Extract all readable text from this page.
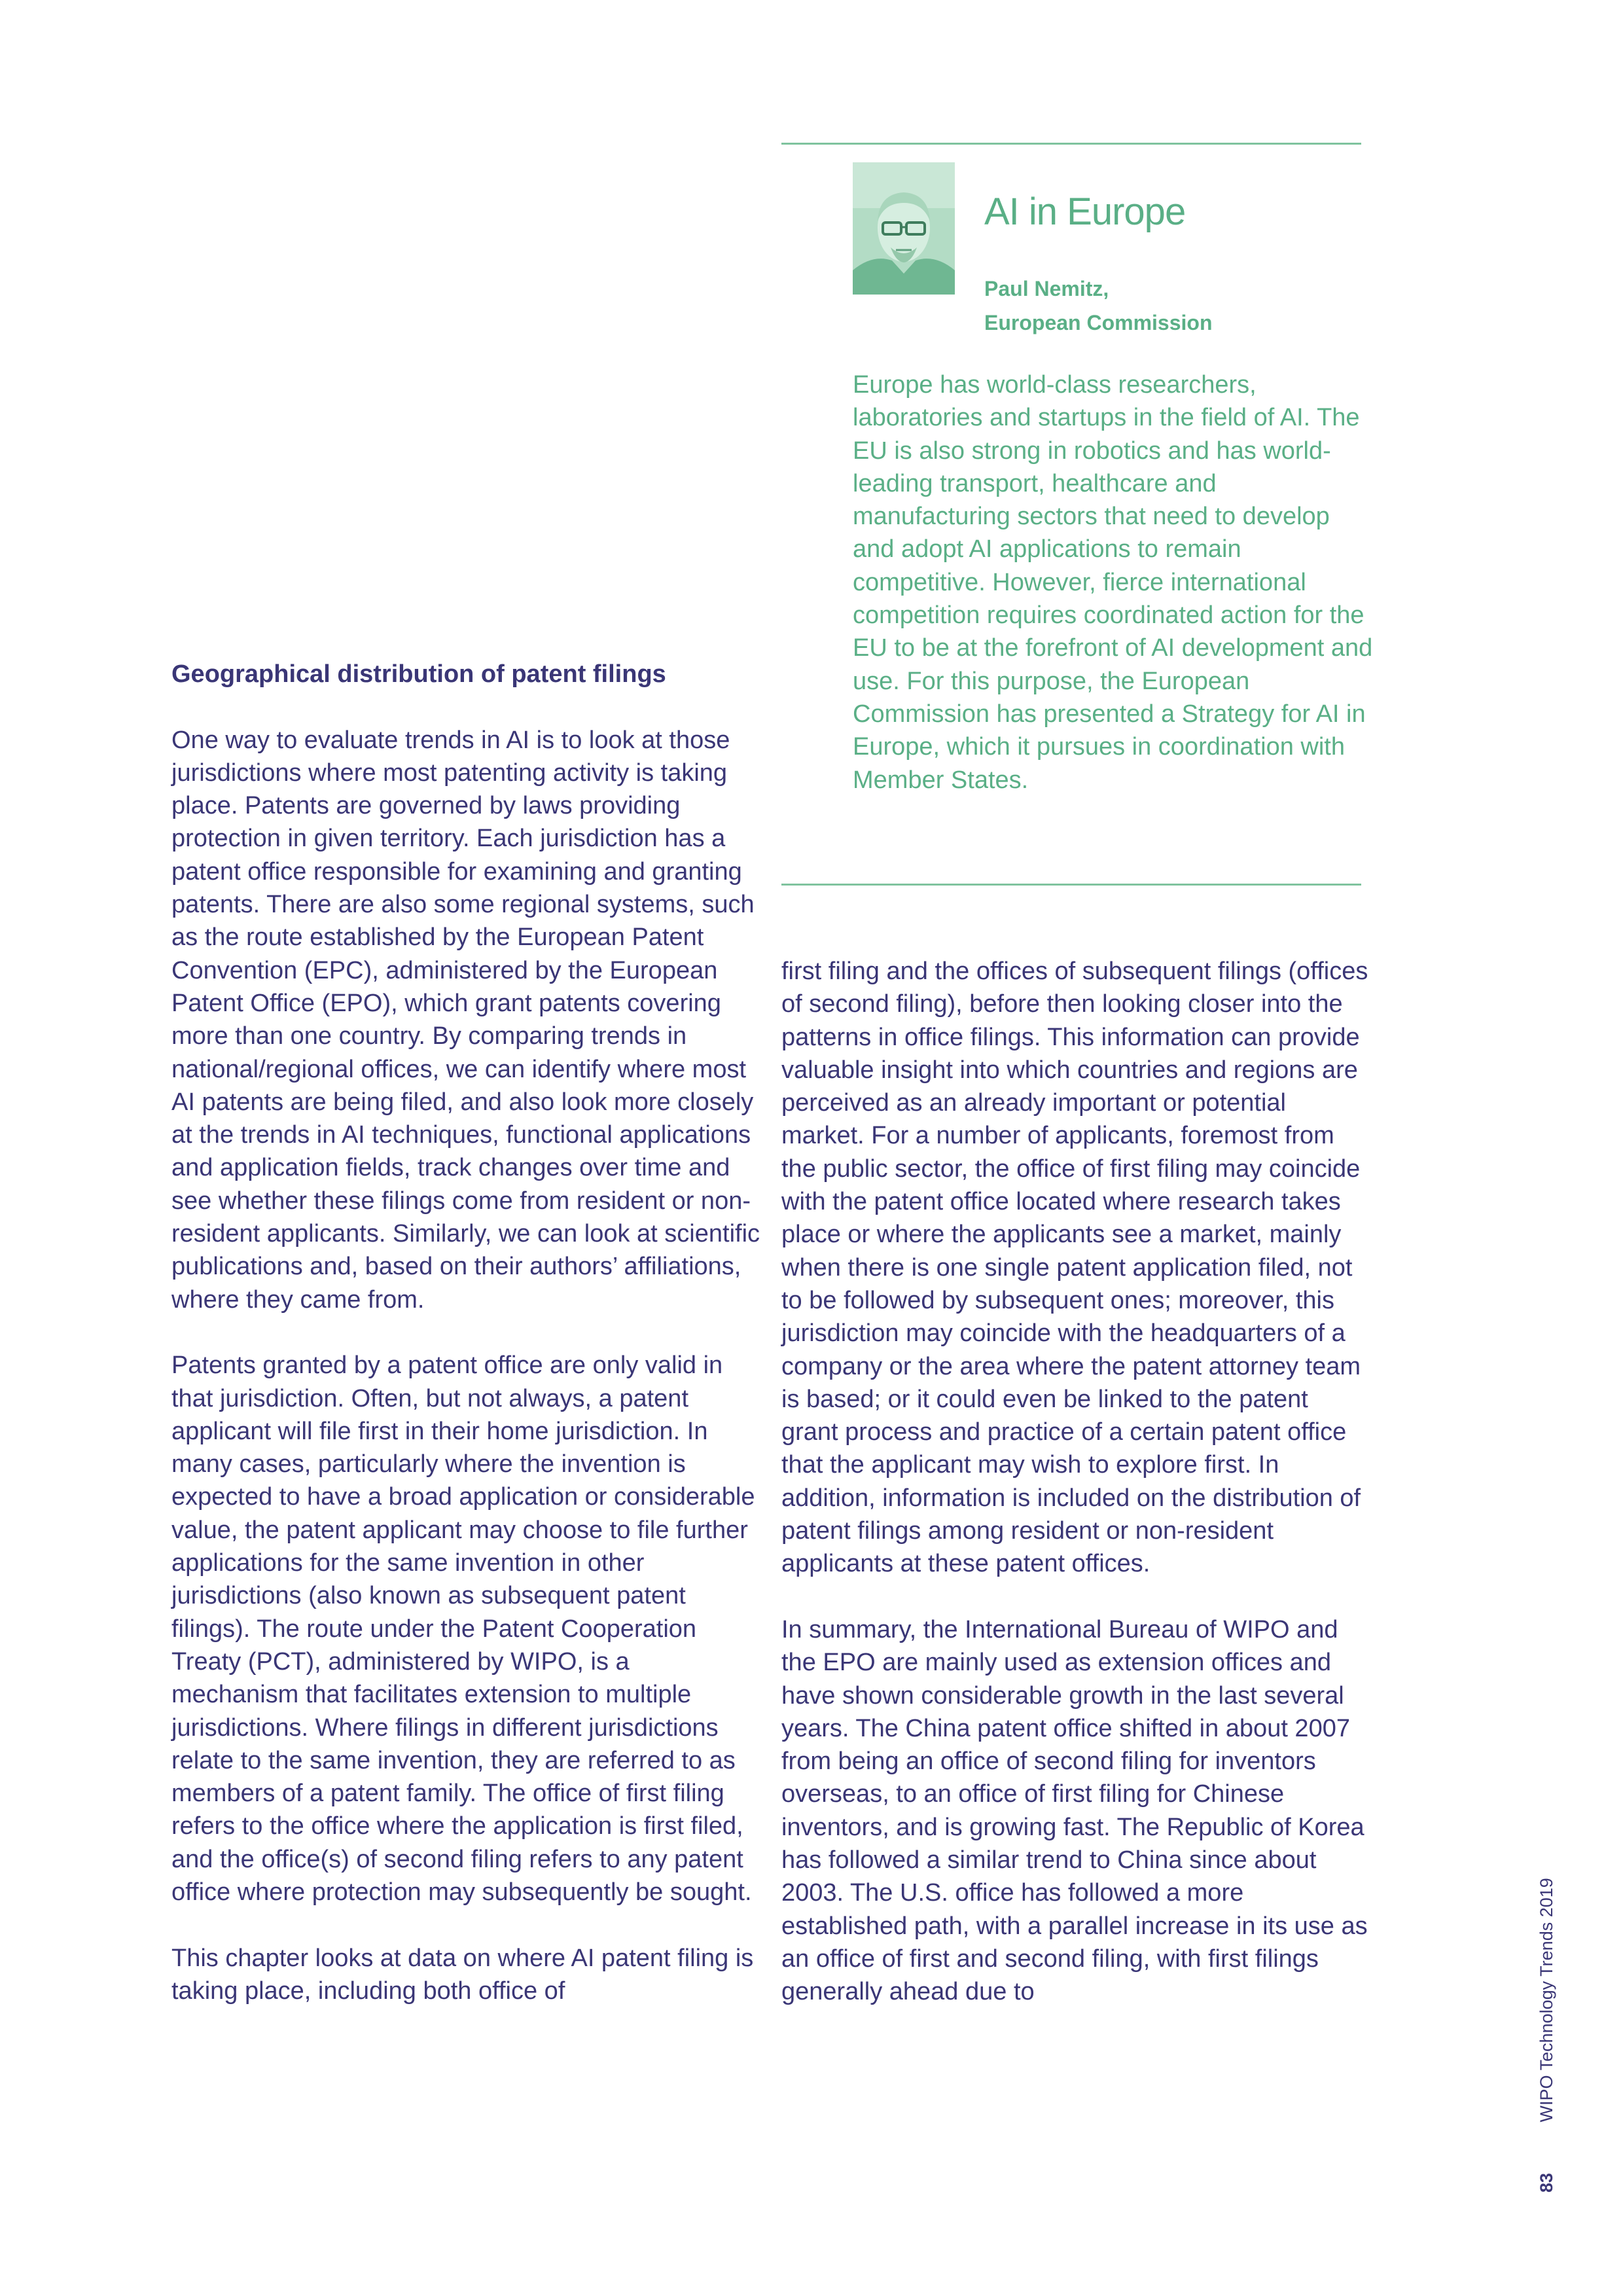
AI in Europe
Paul Nemitz,
European Commission

Europe has world-class researchers, laboratories and startups in the field of AI. The EU is also strong in robotics and has world-leading transport, healthcare and manufacturing sectors that need to develop and adopt AI applications to remain competitive. However, fierce international competition requires coordinated action for the EU to be at the forefront of AI development and use. For this purpose, the European Commission has presented a Strategy for AI in Europe, which it pursues in coordination with Member States.

Geographical distribution of patent filings

One way to evaluate trends in AI is to look at those jurisdictions where most patenting activity is taking place. Patents are governed by laws providing protection in given territory. Each jurisdiction has a patent office responsible for examining and granting patents. There are also some regional systems, such as the route established by the European Patent Convention (EPC), administered by the European Patent Office (EPO), which grant patents covering more than one country. By comparing trends in national/regional offices, we can identify where most AI patents are being filed, and also look more closely at the trends in AI techniques, functional applications and application fields, track changes over time and see whether these filings come from resident or non-resident applicants. Similarly, we can look at scientific publications and, based on their authors’ affiliations, where they came from.

Patents granted by a patent office are only valid in that jurisdiction. Often, but not always, a patent applicant will file first in their home jurisdiction. In many cases, particularly where the invention is expected to have a broad application or considerable value, the patent applicant may choose to file further applications for the same invention in other jurisdictions (also known as subsequent patent filings). The route under the Patent Cooperation Treaty (PCT), administered by WIPO, is a mechanism that facilitates extension to multiple jurisdictions. Where filings in different jurisdictions relate to the same invention, they are referred to as members of a patent family. The office of first filing refers to the office where the application is first filed, and the office(s) of second filing refers to any patent office where protection may subsequently be sought.

This chapter looks at data on where AI patent filing is taking place, including both office of

first filing and the offices of subsequent filings (offices of second filing), before then looking closer into the patterns in office filings. This information can provide valuable insight into which countries and regions are perceived as an already important or potential market. For a number of applicants, foremost from the public sector, the office of first filing may coincide with the patent office located where research takes place or where the applicants see a market, mainly when there is one single patent application filed, not to be followed by subsequent ones; moreover, this jurisdiction may coincide with the headquarters of a company or the area where the patent attorney team is based; or it could even be linked to the patent grant process and practice of a certain patent office that the applicant may wish to explore first. In addition, information is included on the distribution of patent filings among resident or non-resident applicants at these patent offices.

In summary, the International Bureau of WIPO and the EPO are mainly used as extension offices and have shown considerable growth in the last several years. The China patent office shifted in about 2007 from being an office of second filing for inventors overseas, to an office of first filing for Chinese inventors, and is growing fast. The Republic of Korea has followed a similar trend to China since about 2003. The U.S. office has followed a more established path, with a parallel increase in its use as an office of first and second filing, with first filings generally ahead due to

83 WIPO Technology Trends 2019
